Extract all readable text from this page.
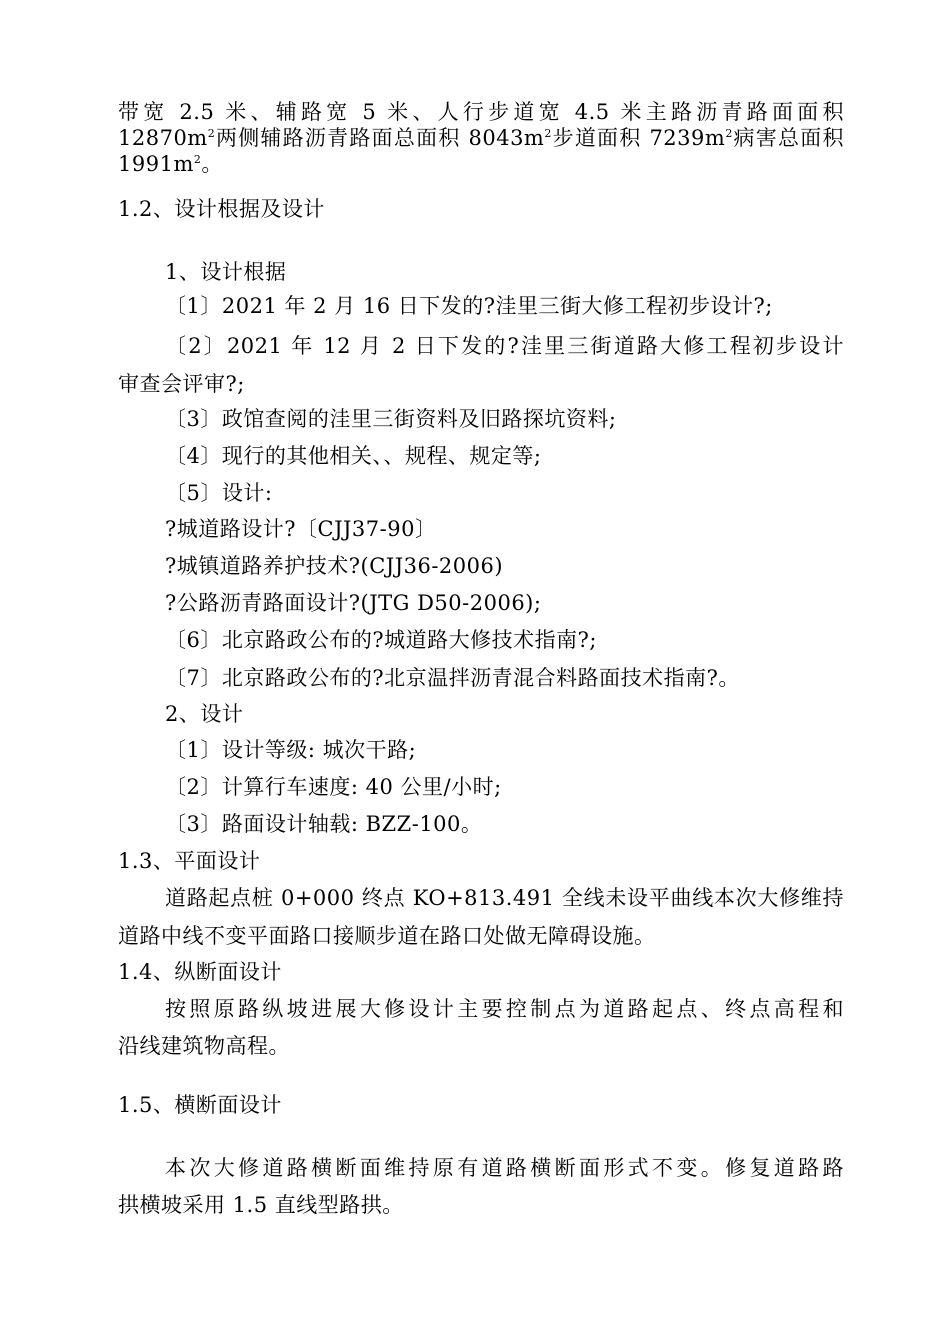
带宽 2.5 米、辅路宽 5 米、人行步道宽 4.5 米主路沥青路面面积
$12870m^2$两侧辅路沥青路面总面积 $8043m^2$步道面积 $7239m^2$病害总面积
$1991m^2$。
1.2、设计根据及设计
1、设计根据
〔1〕2021 年 2 月 16 日下发的?洼里三街大修工程初步设计?;
〔2〕2021 年 12 月 2 日下发的?洼里三街道路大修工程初步设计
审查会评审?;
〔3〕政馆查阅的洼里三街资料及旧路探坑资料;
〔4〕现行的其他相关、、规程、规定等;
〔5〕设计:
?城道路设计?〔CJJ37-90〕
?城镇道路养护技术?(CJJ36-2006)
?公路沥青路面设计?(JTG D50-2006);
〔6〕北京路政公布的?城道路大修技术指南?;
〔7〕北京路政公布的?北京温拌沥青混合料路面技术指南?。
2、设计
〔1〕设计等级: 城次干路;
〔2〕计算行车速度: 40 公里/小时;
〔3〕路面设计轴载: BZZ-100。
1.3、平面设计
道路起点桩 0+000 终点 KO+813.491 全线未设平曲线本次大修维持
道路中线不变平面路口接顺步道在路口处做无障碍设施。
1.4、纵断面设计
按照原路纵坡进展大修设计主要控制点为道路起点、终点高程和
沿线建筑物高程。
1.5、横断面设计
本次大修道路横断面维持原有道路横断面形式不变。修复道路路
拱横坡采用 1.5 直线型路拱。
